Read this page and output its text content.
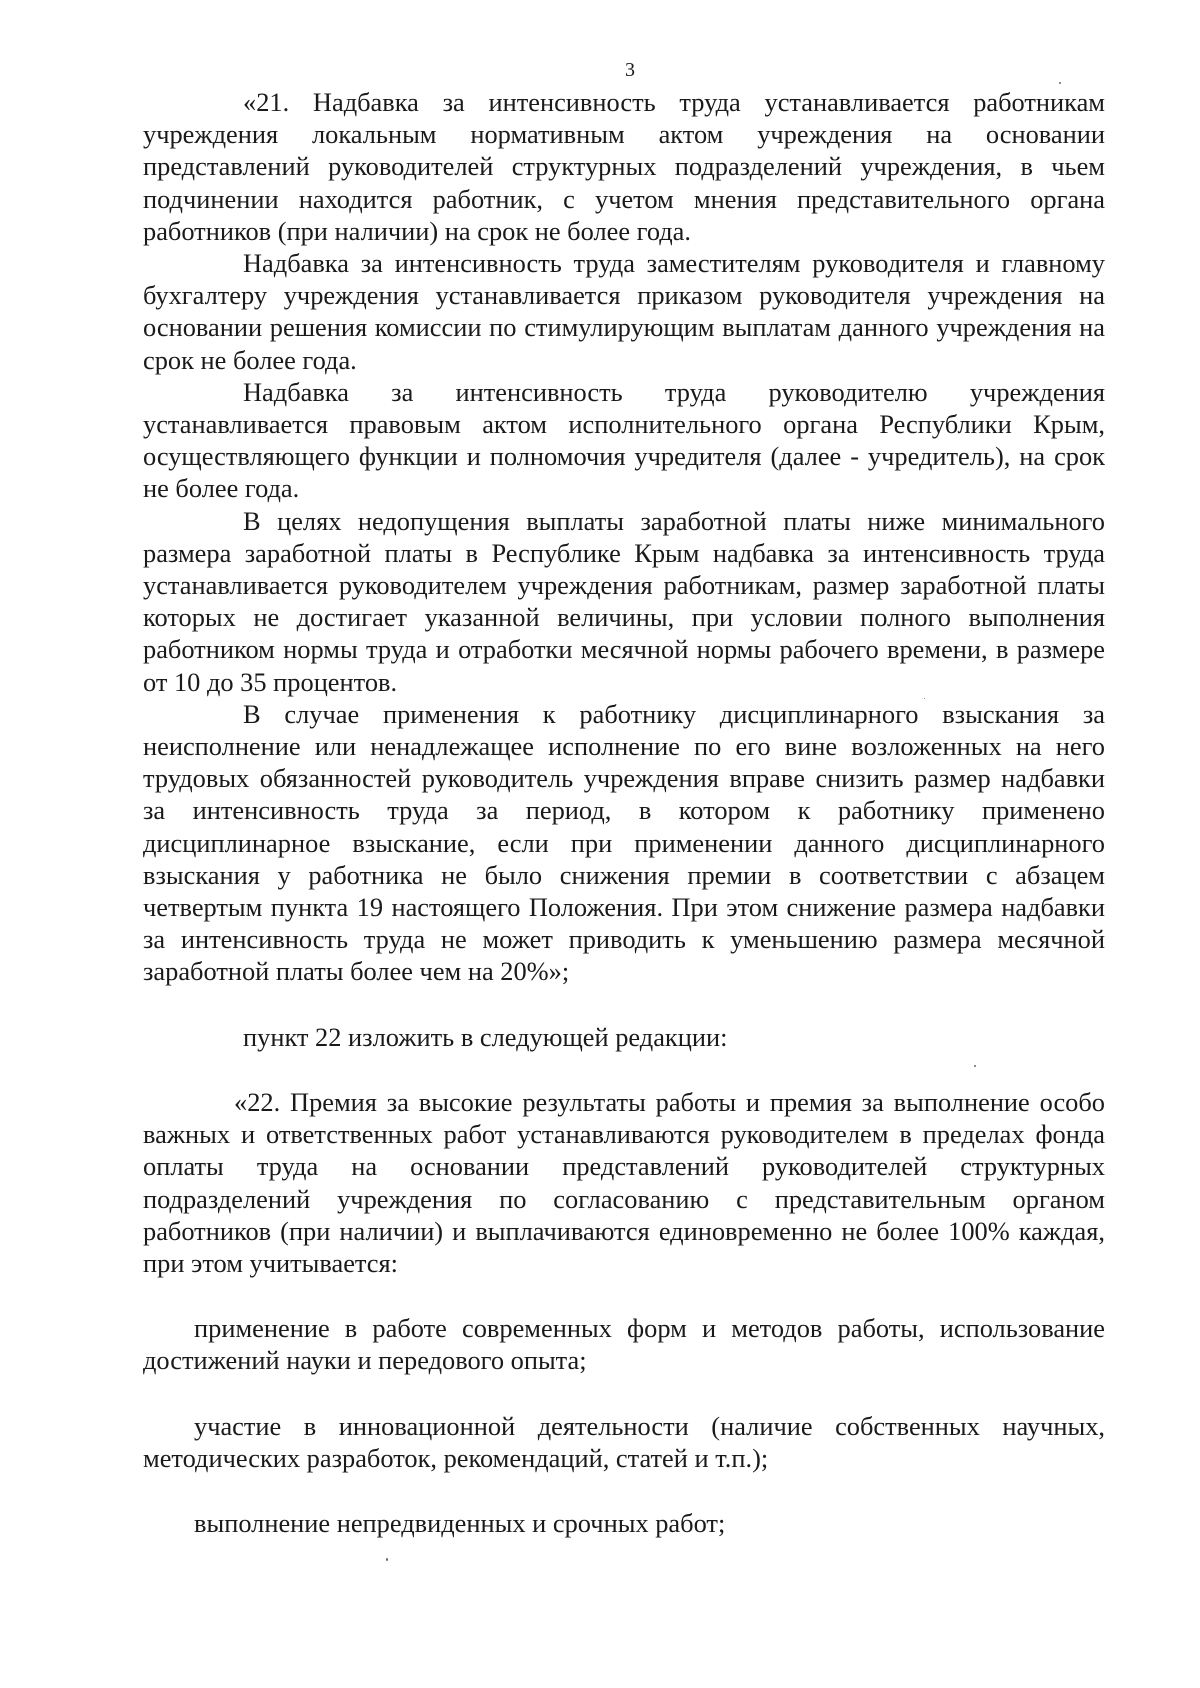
3

«21. Надбавка за интенсивность труда устанавливается работникам учреждения локальным нормативным актом учреждения на основании представлений руководителей структурных подразделений учреждения, в чьем подчинении находится работник, с учетом мнения представительного органа работников (при наличии) на срок не более года.

Надбавка за интенсивность труда заместителям руководителя и главному бухгалтеру учреждения устанавливается приказом руководителя учреждения на основании решения комиссии по стимулирующим выплатам данного учреждения на срок не более года.

Надбавка за интенсивность труда руководителю учреждения устанавливается правовым актом исполнительного органа Республики Крым, осуществляющего функции и полномочия учредителя (далее - учредитель), на срок не более года.

В целях недопущения выплаты заработной платы ниже минимального размера заработной платы в Республике Крым надбавка за интенсивность труда устанавливается руководителем учреждения работникам, размер заработной платы которых не достигает указанной величины, при условии полного выполнения работником нормы труда и отработки месячной нормы рабочего времени, в размере от 10 до 35 процентов.

В случае применения к работнику дисциплинарного взыскания за неисполнение или ненадлежащее исполнение по его вине возложенных на него трудовых обязанностей руководитель учреждения вправе снизить размер надбавки за интенсивность труда за период, в котором к работнику применено дисциплинарное взыскание, если при применении данного дисциплинарного взыскания у работника не было снижения премии в соответствии с абзацем четвертым пункта 19 настоящего Положения. При этом снижение размера надбавки за интенсивность труда не может приводить к уменьшению размера месячной заработной платы более чем на 20%»;

пункт 22 изложить в следующей редакции:

«22. Премия за высокие результаты работы и премия за выполнение особо важных и ответственных работ устанавливаются руководителем в пределах фонда оплаты труда на основании представлений руководителей структурных подразделений учреждения по согласованию с представительным органом работников (при наличии) и выплачиваются единовременно не более 100% каждая, при этом учитывается:

применение в работе современных форм и методов работы, использование достижений науки и передового опыта;

участие в инновационной деятельности (наличие собственных научных, методических разработок, рекомендаций, статей и т.п.);

выполнение непредвиденных и срочных работ;
